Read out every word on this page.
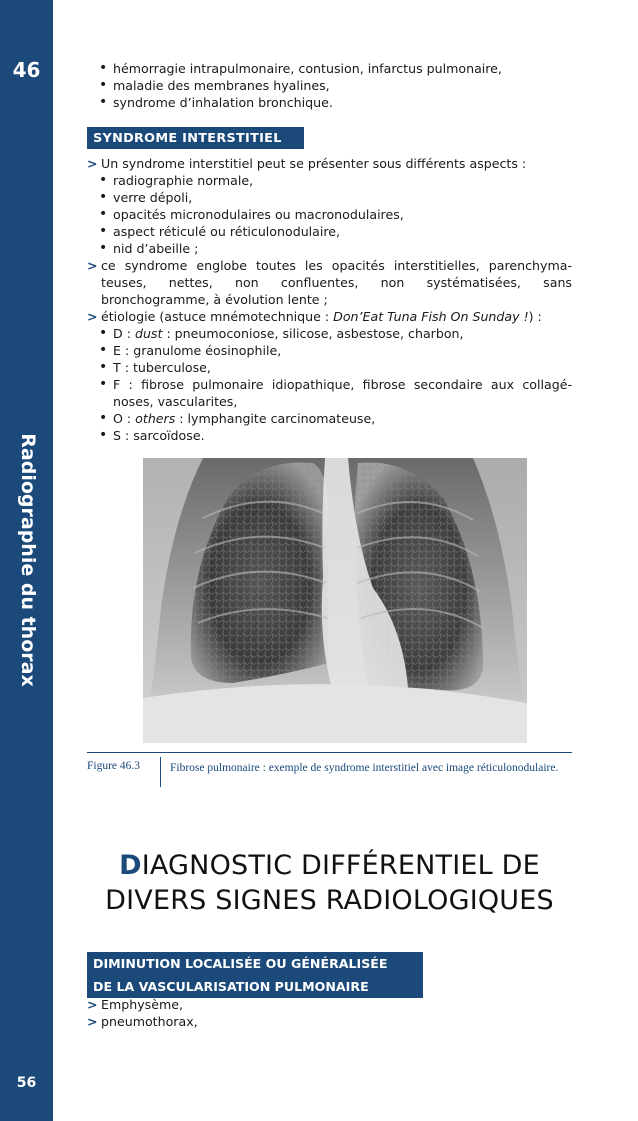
46
Radiographie du thorax
56
• hémorragie intrapulmonaire, contusion, infarctus pulmonaire,
• maladie des membranes hyalines,
• syndrome d’inhalation bronchique.
SYNDROME INTERSTITIEL
> Un syndrome interstitiel peut se présenter sous différents aspects :
• radiographie normale,
• verre dépoli,
• opacités micronodulaires ou macronodulaires,
• aspect réticulé ou réticulonodulaire,
• nid d’abeille ;
> ce syndrome englobe toutes les opacités interstitielles, parenchymateuses, nettes, non confluentes, non systématisées, sans bronchogramme, à évolution lente ;
> étiologie (astuce mnémotechnique : Don’Eat Tuna Fish On Sunday !) :
• D : dust : pneumoconiose, silicose, asbestose, charbon,
• E : granulome éosinophile,
• T : tuberculose,
• F : fibrose pulmonaire idiopathique, fibrose secondaire aux collagénoses, vascularites,
• O : others : lymphangite carcinomateuse,
• S : sarcoïdose.
Figure 46.3	Fibrose pulmonaire : exemple de syndrome interstitiel avec image réticulonodulaire.
DIAGNOSTIC DIFFÉRENTIEL DE
DIVERS SIGNES RADIOLOGIQUES
DIMINUTION LOCALISÉE OU GÉNÉRALISÉE
DE LA VASCULARISATION PULMONAIRE
> Emphysème,
> pneumothorax,
